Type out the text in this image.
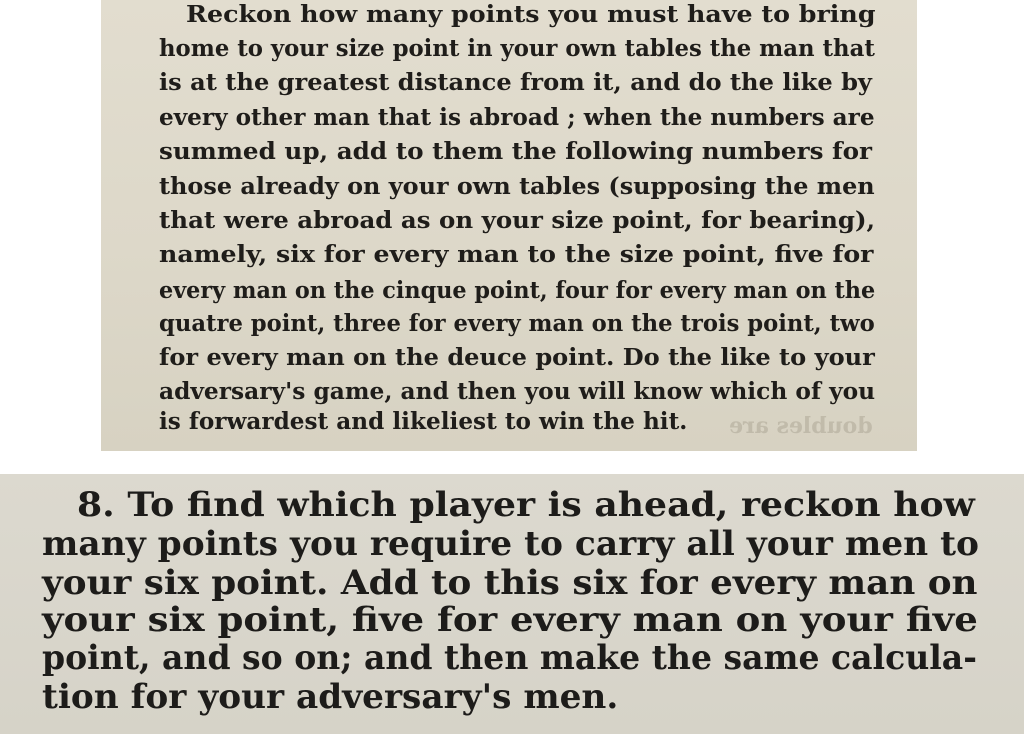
doubles are

Reckon how many points you must have to bring

home to your size point in your own tables the man that

is at the greatest distance from it, and do the like by

every other man that is abroad ; when the numbers are

summed up, add to them the following numbers for

those already on your own tables (supposing the men

that were abroad as on your size point, for bearing),

namely, six for every man to the size point, five for

every man on the cinque point, four for every man on the

quatre point, three for every man on the trois point, two

for every man on the deuce point. Do the like to your

adversary's game, and then you will know which of you

is forwardest and likeliest to win the hit.

8. To find which player is ahead, reckon how

many points you require to carry all your men to

your six point. Add to this six for every man on

your six point, five for every man on your five

point, and so on; and then make the same calcula-

tion for your adversary's men.
